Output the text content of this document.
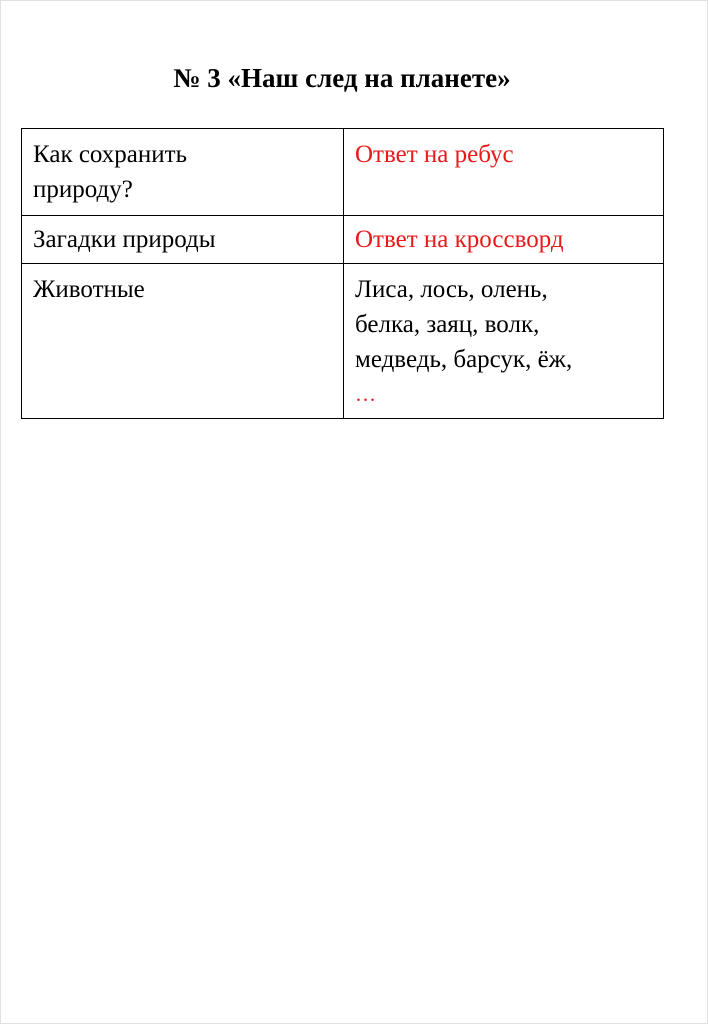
№ 3 «Наш след на планете»
Как сохранить
природу?	Ответ на ребус

Загадки природы	Ответ на кроссворд

Животные	Лиса, лось, олень,
белка, заяц, волк,
медведь, барсук, ёж,
…
